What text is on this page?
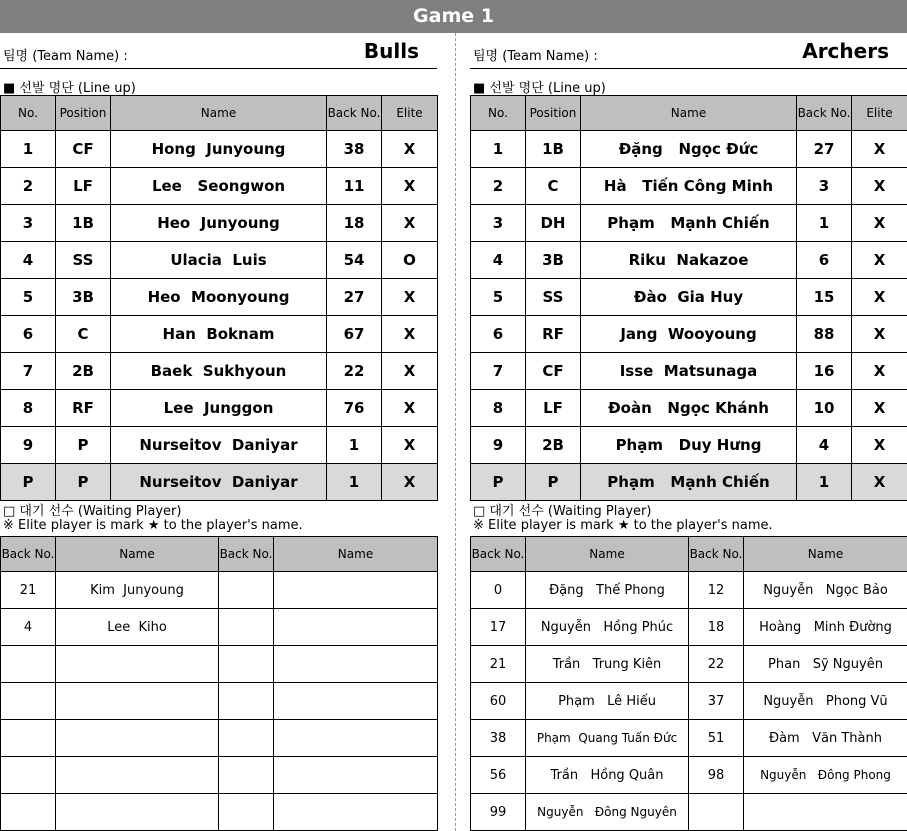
Game 1
팀명 (Team Name) :	Bulls
■ 선발 명단 (Line up)
No.	Position	Name	Back No.	Elite
1	CF	Hong  Junyoung	38	X
2	LF	Lee   Seongwon	11	X
3	1B	Heo  Junyoung	18	X
4	SS	Ulacia  Luis	54	O
5	3B	Heo  Moonyoung	27	X
6	C	Han  Boknam	67	X
7	2B	Baek  Sukhyoun	22	X
8	RF	Lee  Junggon	76	X
9	P	Nurseitov  Daniyar	1	X
P	P	Nurseitov  Daniyar	1	X
□ 대기 선수 (Waiting Player)
※ Elite player is mark ★ to the player's name.
Back No.	Name	Back No.	Name
21	Kim  Junyoung		
4	Lee  Kiho		

팀명 (Team Name) :	Archers
■ 선발 명단 (Line up)
No.	Position	Name	Back No.	Elite
1	1B	Đặng   Ngọc Đức	27	X
2	C	Hà   Tiến Công Minh	3	X
3	DH	Phạm   Mạnh Chiến	1	X
4	3B	Riku  Nakazoe	6	X
5	SS	Đào  Gia Huy	15	X
6	RF	Jang  Wooyoung	88	X
7	CF	Isse  Matsunaga	16	X
8	LF	Đoàn   Ngọc Khánh	10	X
9	2B	Phạm   Duy Hưng	4	X
P	P	Phạm   Mạnh Chiến	1	X
□ 대기 선수 (Waiting Player)
※ Elite player is mark ★ to the player's name.
Back No.	Name	Back No.	Name
0	Đặng   Thế Phong	12	Nguyễn   Ngọc Bảo
17	Nguyễn   Hồng Phúc	18	Hoàng   Minh Đường
21	Trần   Trung Kiên	22	Phan   Sỹ Nguyên
60	Phạm   Lê Hiếu	37	Nguyễn   Phong Vũ
38	Phạm  Quang Tuấn Đức	51	Đàm   Văn Thành
56	Trần   Hồng Quân	98	Nguyễn   Đông Phong
99	Nguyễn   Đông Nguyên		
